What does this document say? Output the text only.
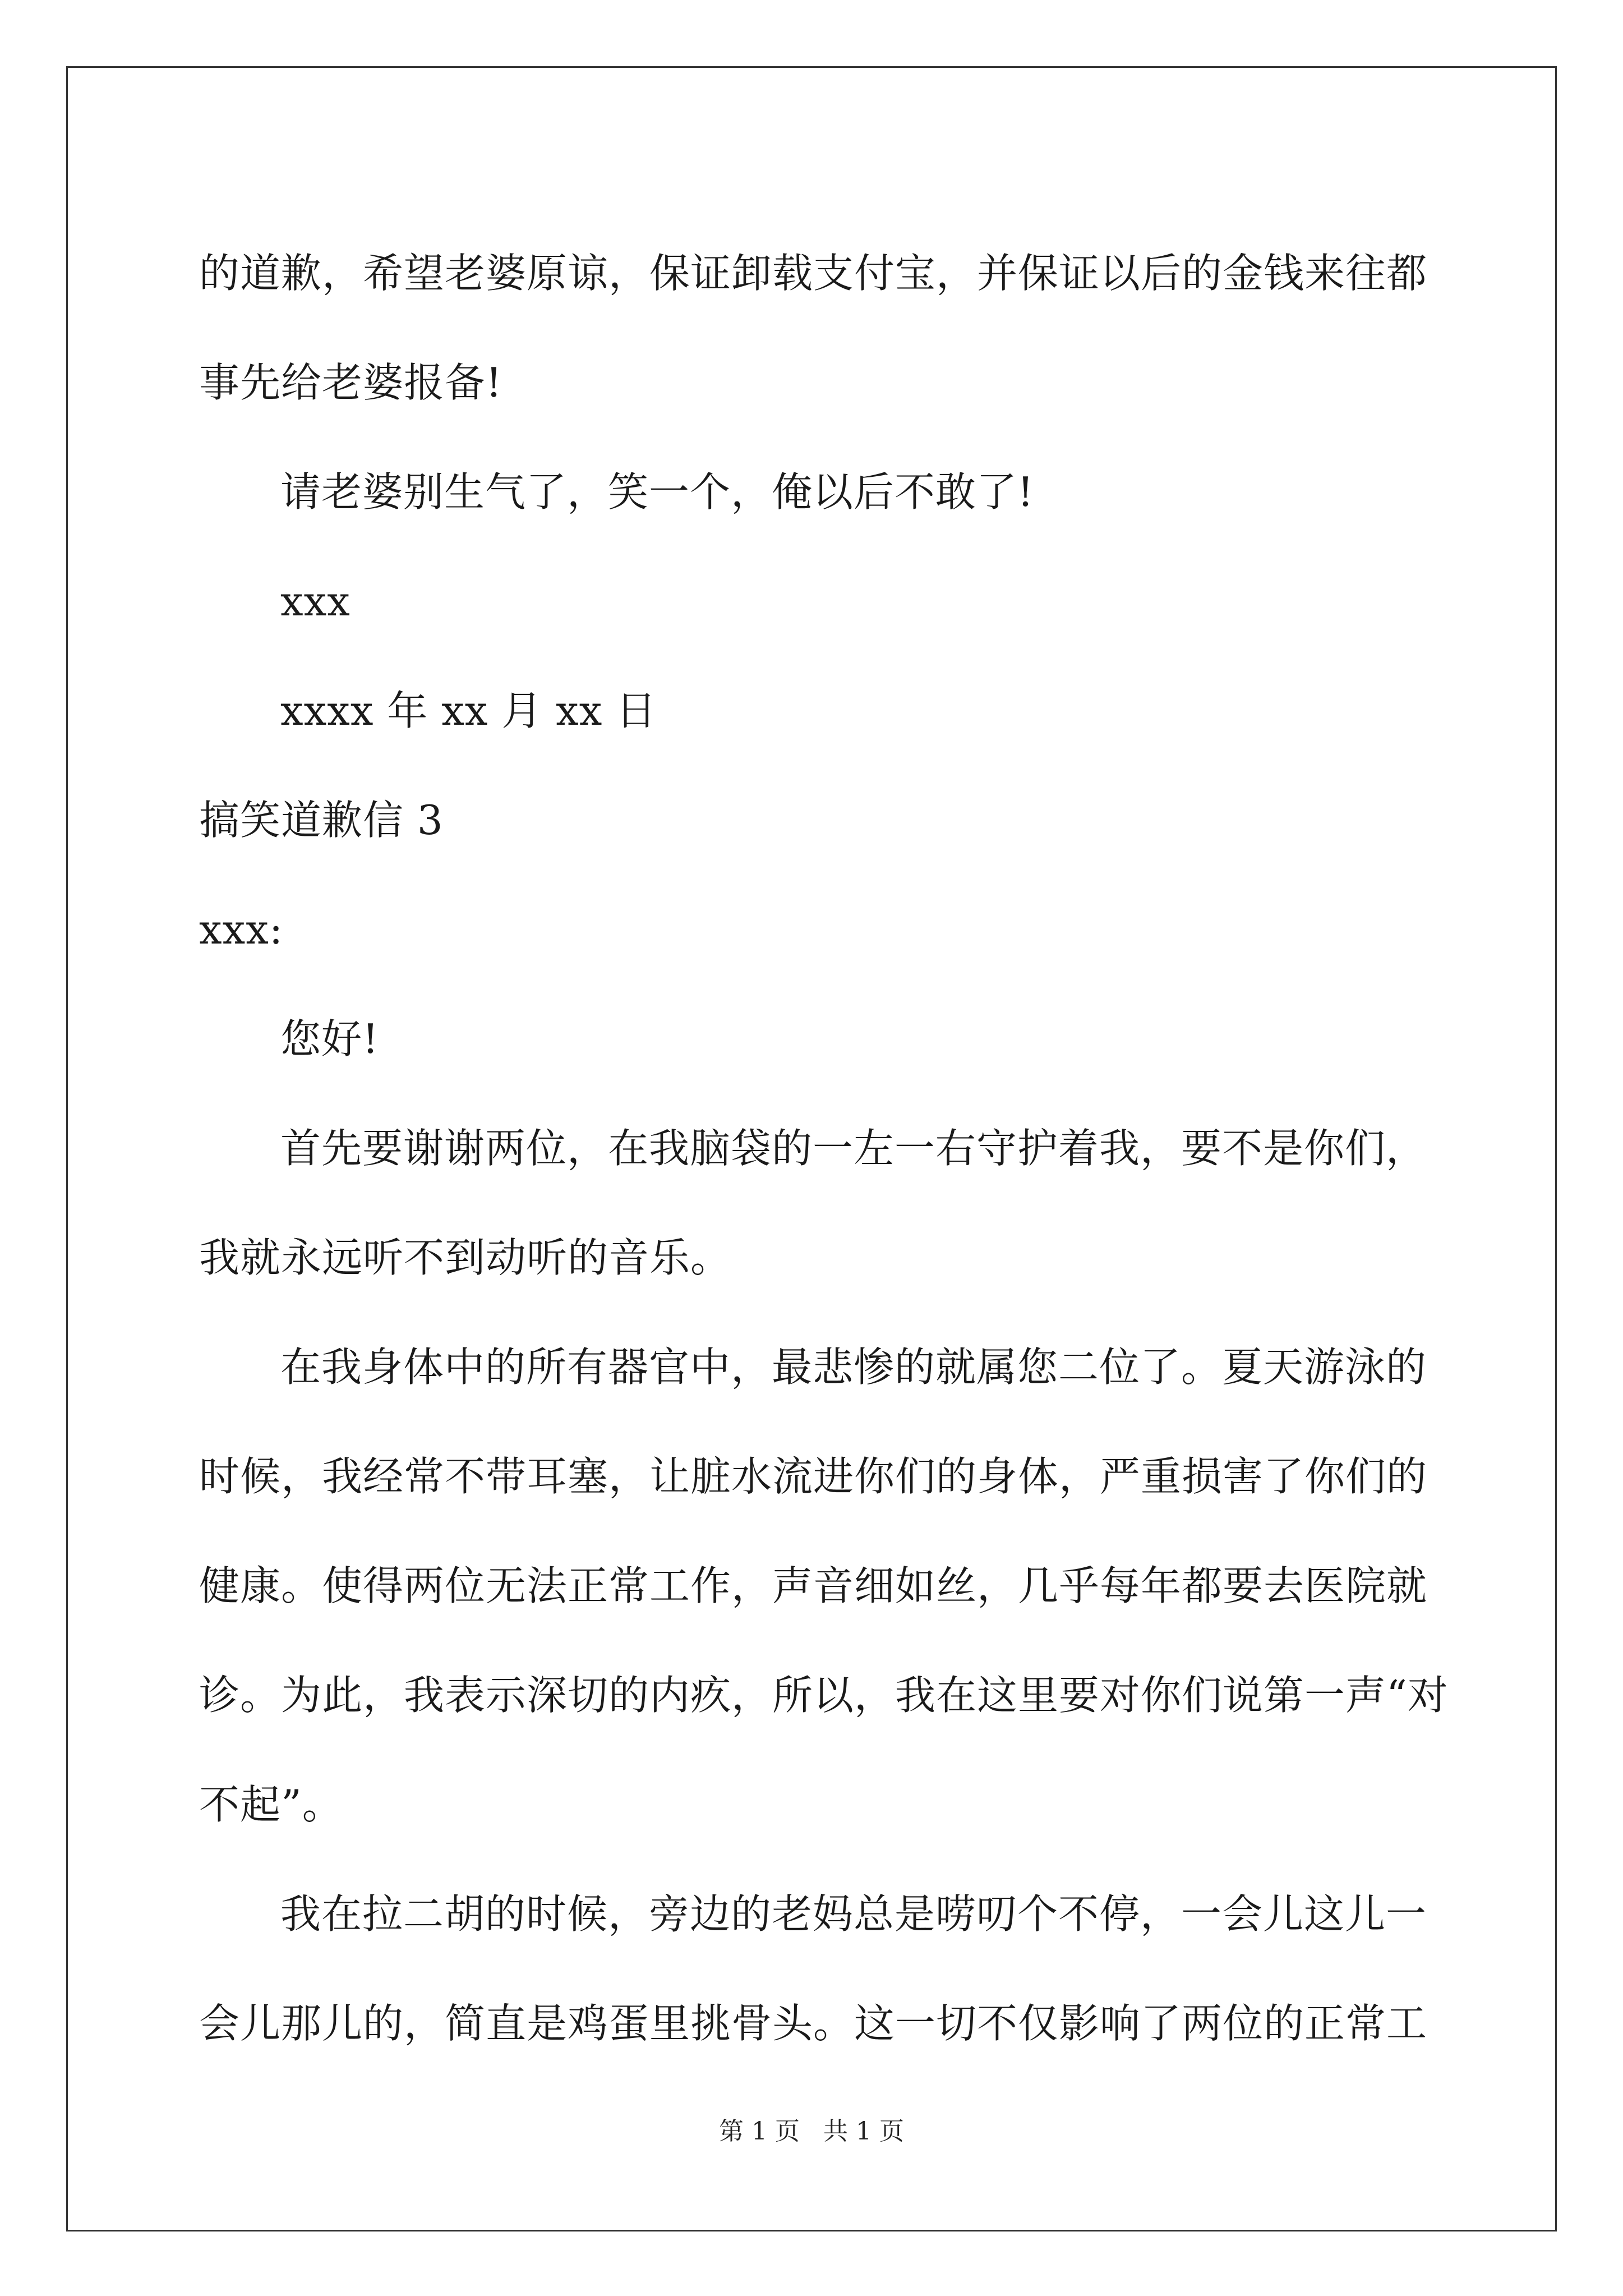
的道歉，希望老婆原谅，保证卸载支付宝，并保证以后的金钱来往都
事先给老婆报备!
请老婆别生气了，笑一个，俺以后不敢了!
xxx
xxxx 年 xx 月 xx 日
搞笑道歉信 3
xxx:
您好!
首先要谢谢两位，在我脑袋的一左一右守护着我，要不是你们，
我就永远听不到动听的音乐。
在我身体中的所有器官中，最悲惨的就属您二位了。夏天游泳的
时候，我经常不带耳塞，让脏水流进你们的身体，严重损害了你们的
健康。使得两位无法正常工作，声音细如丝，几乎每年都要去医院就
诊。为此，我表示深切的内疚，所以，我在这里要对你们说第一声“对
不起”。
我在拉二胡的时候，旁边的老妈总是唠叨个不停，一会儿这儿一
会儿那儿的，简直是鸡蛋里挑骨头。这一切不仅影响了两位的正常工
第 1 页 共 1 页
